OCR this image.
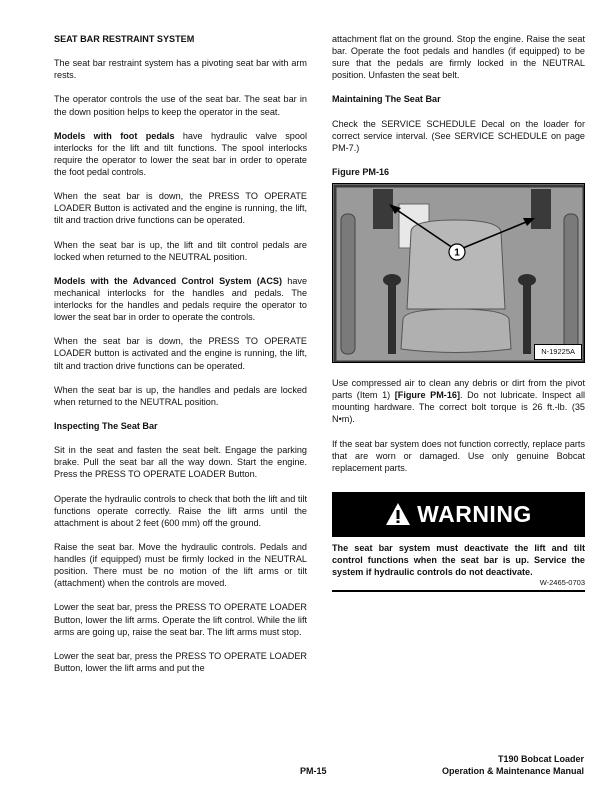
SEAT BAR RESTRAINT SYSTEM

The seat bar restraint system has a pivoting seat bar with arm rests.

The operator controls the use of the seat bar. The seat bar in the down position helps to keep the operator in the seat.

Models with foot pedals have hydraulic valve spool interlocks for the lift and tilt functions. The spool interlocks require the operator to lower the seat bar in order to operate the foot pedal controls.

When the seat bar is down, the PRESS TO OPERATE LOADER Button is activated and the engine is running, the lift, tilt and traction drive functions can be operated.

When the seat bar is up, the lift and tilt control pedals are locked when returned to the NEUTRAL position.

Models with the Advanced Control System (ACS) have mechanical interlocks for the handles and pedals. The interlocks for the handles and pedals require the operator to lower the seat bar in order to operate the controls.

When the seat bar is down, the PRESS TO OPERATE LOADER button is activated and the engine is running, the lift, tilt and traction drive functions can be operated.

When the seat bar is up, the handles and pedals are locked when returned to the NEUTRAL position.

Inspecting The Seat Bar

Sit in the seat and fasten the seat belt. Engage the parking brake. Pull the seat bar all the way down. Start the engine. Press the PRESS TO OPERATE LOADER Button.

Operate the hydraulic controls to check that both the lift and tilt functions operate correctly. Raise the lift arms until the attachment is about 2 feet (600 mm) off the ground.

Raise the seat bar. Move the hydraulic controls. Pedals and handles (if equipped) must be firmly locked in the NEUTRAL position. There must be no motion of the lift arms or tilt (attachment) when the controls are moved.

Lower the seat bar, press the PRESS TO OPERATE LOADER Button, lower the lift arms. Operate the lift control. While the lift arms are going up, raise the seat bar. The lift arms must stop.

Lower the seat bar, press the PRESS TO OPERATE LOADER Button, lower the lift arms and put the

attachment flat on the ground. Stop the engine. Raise the seat bar. Operate the foot pedals and handles (if equipped) to be sure that the pedals are firmly locked in the NEUTRAL position. Unfasten the seat belt.

Maintaining The Seat Bar

Check the SERVICE SCHEDULE Decal on the loader for correct service interval. (See SERVICE SCHEDULE on page PM-7.)

Figure PM-16

1
N-19225A

Use compressed air to clean any debris or dirt from the pivot parts (Item 1) [Figure PM-16]. Do not lubricate. Inspect all mounting hardware. The correct bolt torque is 26 ft.-lb. (35 N•m).

If the seat bar system does not function correctly, replace parts that are worn or damaged. Use only genuine Bobcat replacement parts.

WARNING
The seat bar system must deactivate the lift and tilt control functions when the seat bar is up. Service the system if hydraulic controls do not deactivate.
W-2465-0703
PM-15
T190 Bobcat Loader
Operation & Maintenance Manual
